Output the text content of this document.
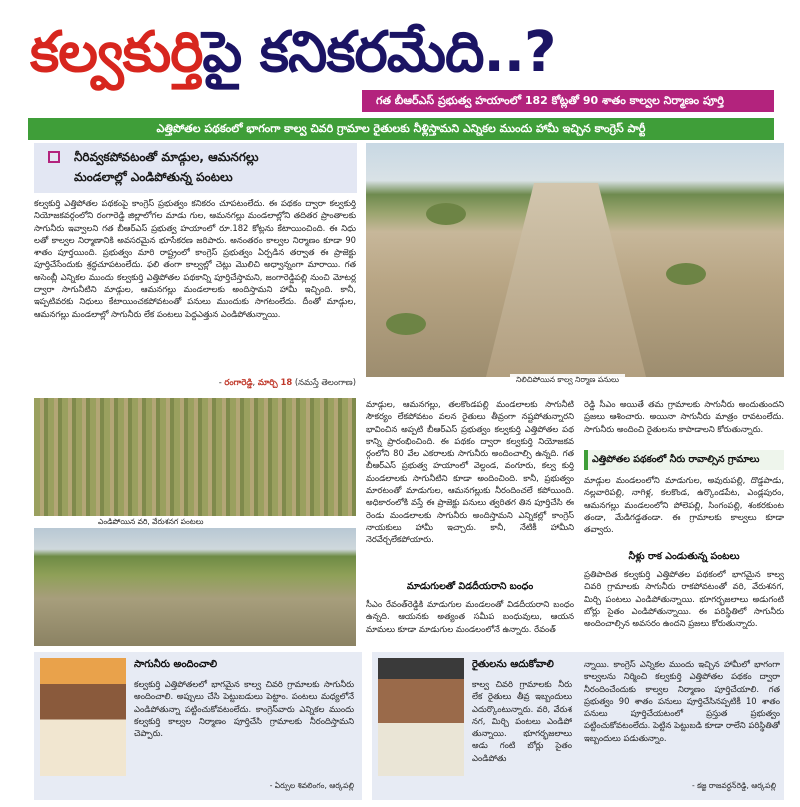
కల్వకుర్తిపై కనికరమేది..?
గత బీఆర్‌ఎస్ ప్రభుత్వ హయాంలో 182 కోట్లతో 90 శాతం కాల్వల నిర్మాణం పూర్తి
ఎత్తిపోతల పథకంలో భాగంగా కాల్వ చివరి గ్రామాల రైతులకు నీళ్లిస్తామని ఎన్నికల ముందు హామీ ఇచ్చిన కాంగ్రెస్ పార్టీ

నీరివ్వకపోవటంతో మాడ్గుల, ఆమనగల్లు

మండలాల్లో ఎండిపోతున్న పంటలు

కల్వకుర్తి ఎత్తిపోతల పథకంపై కాంగ్రెస్ ప్రభుత్వం కనికరం చూపటంలేదు. ఈ పథకం ద్వారా కల్వకుర్తి నియోజకవర్గంలోని రంగారెడ్డి జిల్లాలోగల మాడు గుల, ఆమనగల్లు మండలాల్లోని తదితర ప్రాంతాలకు సాగునీరు ఇవ్వాలని గత బీఆర్‌ఎస్ ప్రభుత్వ హయాంలో రూ.182 కోట్లను కేటాయించింది. ఈ నిధు లతో కాల్వల నిర్మాణానికి అవసరమైన భూసేకరణ జరిపారు. అనంతరం కాల్వల నిర్మాణం కూడా 90 శాతం పూర్తయింది. ప్రభుత్వం మారి రాష్ట్రంలో కాంగ్రెస్ ప్రభుత్వం ఏర్పడిన తర్వాత ఈ ప్రాజెక్టు పూర్తిచేసేందుకు శ్రద్ధచూపటంలేదు. ఫలి తంగా కాల్వల్లో చెట్లు మొలిచి అధ్వాన్నంగా మారాయి. గత అసెంబ్లీ ఎన్నికల ముందు కల్వకుర్తి ఎత్తిపోతల పథకాన్ని పూర్తిచేస్తామని, జంగారెడ్డిపల్లి నుంచి మోటర్ల ద్వారా సాగునీటిని మాడ్గుల, ఆమనగల్లు మండలాలకు అందిస్తామని హామీ ఇచ్చింది. కానీ, ఇప్పటివరకు నిధులు కేటాయించకపోవటంతో పనులు ముందుకు సాగటంలేదు. దీంతో మాడ్గుల, ఆమనగల్లు మండలాల్లో సాగునీరు లేక పంటలు పెద్దఎత్తున ఎండిపోతున్నాయి.
- రంగారెడ్డి, మార్చి 18 (నమస్తే తెలంగాణ)	నిలిచిపోయిన కాల్వ నిర్మాణ పనులు
ఎండిపోయిన వరి, వేరుశనగ పంటలు
మాడ్గుల, ఆమనగల్లు, తలకొండపల్లి మండలాలకు సాగునీటి సౌకర్యం లేకపోవటం వలన రైతులు తీవ్రంగా నష్టపోతున్నారని భావించిన అప్పటి బీఆర్‌ఎస్ ప్రభుత్వం కల్వకుర్తి ఎత్తిపోతల పథ కాన్ని ప్రారంభించింది. ఈ పథకం ద్వారా కల్వకుర్తి నియోజకవ ర్గంలోని 80 వేల ఎకరాలకు సాగునీరు అందించాల్సి ఉన్నది. గత బీఆర్‌ఎస్ ప్రభుత్వ హయాంలో వెల్దండ, వంగూరు, కల్వ కుర్తి మండలాలకు సాగునీటిని కూడా అందించింది. కానీ, ప్రభుత్వం మారటంతో మాడుగుల, ఆమనగల్లుకు నీరందించలే కపోయింది. అధికారంలోకి వస్తే ఈ ప్రాజెక్టు పనులు త్వరితగ తిన పూర్తిచేసి ఈ రెండు మండలాలకు సాగునీరు అందిస్తామని ఎన్నికల్లో కాంగ్రెస్ నాయకులు హామీ ఇచ్చారు. కానీ, నేటికీ హామీని నెరవేర్చలేకపోయారు.
మాడుగులతో విడదీయరాని బంధం
సీఎం రేవంత్‌రెడ్డికి మాడుగుల మండలంతో విడదీయరాని బంధం ఉన్నది. ఆయనకు అత్యంత సమీప బంధువులు, ఆయన మామలు కూడా మాడుగుల మండలంలోనే ఉన్నారు. రేవంత్
రెడ్డి సీఎం అయితే తమ గ్రామాలకు సాగునీరు అందుతుందని ప్రజలు ఆశించారు. అయినా సాగునీరు మాత్రం రావటంలేదు. సాగునీరు అందించి రైతులను కాపాడాలని కోరుతున్నారు.
ఎత్తిపోతల పథకంలో నీరు రావాల్సిన గ్రామాలు
మాడ్గుల మండలంలోని మాడుగుల, అవురుపల్లి, దొడ్డపాడు, నల్లవారిపల్లి, నాగిళ్ల, కలకొండ, ఉర్కొండపేట, ఎండ్లపురం, ఆమనగల్లు మండలంలోని పోలెపల్లి, సింగంపల్లి, శంకరకుంట తండా, మేడిగడ్డతండా. ఈ గ్రామాలకు కాల్వలు కూడా తవ్వారు.
నీళ్లు రాక ఎండుతున్న పంటలు
ప్రతిపాదిత కల్వకుర్తి ఎత్తిపోతల పథకంలో భాగమైన కాల్వ చివరి గ్రామాలకు సాగునీరు రాకపోవటంతో వరి, వేరుశనగ, మిర్చి పంటలు ఎండిపోతున్నాయి. భూగర్భజలాలు అడుగంటి బోర్లు సైతం ఎండిపోతున్నాయి. ఈ పరిస్థితిలో సాగునీరు అందించాల్సిన అవసరం ఉందని ప్రజలు కోరుతున్నారు.
సాగునీరు అందించాలి
కల్వకుర్తి ఎత్తిపోతలలో భాగమైన కాల్వ చివరి గ్రామాలకు సాగునీరు అందించాలి. అప్పులు చేసి పెట్టుబడులు పెట్టాం. పంటలు మధ్యలోనే ఎండిపోతున్నా పట్టించుకోవటంలేదు. కాంగ్రెస్‌వారు ఎన్నికల ముందు కల్వకుర్తి కాల్వల నిర్మాణం పూర్తిచేసి గ్రామాలకు నీరందిస్తామని చెప్పారు.
- ఏర్పుల శివలింగం, ఆర్కపల్లి
రైతులను ఆదుకోవాలి
కాల్వ చివరి గ్రామాలకు నీరు లేక రైతులు తీవ్ర ఇబ్బందులు ఎదుర్కొంటున్నారు. వరి, వేరుశ నగ, మిర్చి పంటలు ఎండిపో తున్నాయి. భూగర్భజలాలు అడు గంటి బోర్లు సైతం ఎండిపోతు
న్నాయి. కాంగ్రెస్ ఎన్నికల ముందు ఇచ్చిన హామీలో భాగంగా కాల్వలను నిర్మించి కల్వకుర్తి ఎత్తిపోతల పథకం ద్వారా నీరందించేందుకు కాల్వల నిర్మాణం పూర్తిచేయాలి. గత ప్రభుత్వం 90 శాతం పనులు పూర్తిచేసినప్పటికీ 10 శాతం పనులు పూర్తిచేయటంలో ప్రస్తుత ప్రభుత్వం పట్టించుకోవటంలేదు. పెట్టిన పెట్టుబడి కూడా రాలేని పరిస్థితితో ఇబ్బందులు పడుతున్నాం.
- కజ్జ రాజవర్ధన్‌రెడ్డి, ఆర్కపల్లి
